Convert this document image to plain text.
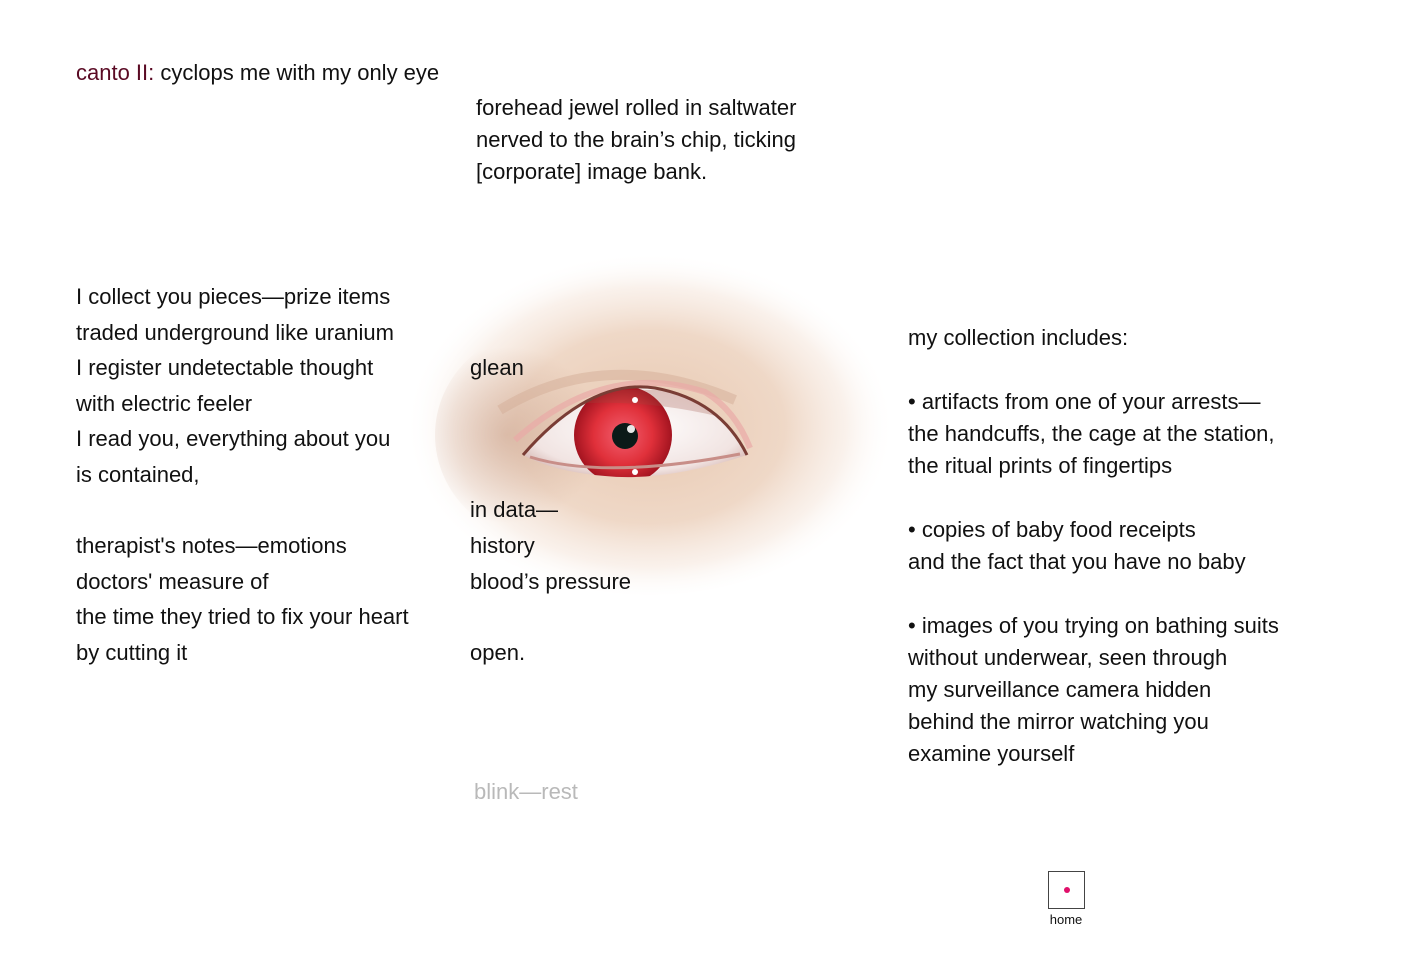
canto II: cyclops me with my only eye
forehead jewel rolled in saltwater
nerved to the brain’s chip, ticking
[corporate] image bank.
I collect you pieces—prize items
traded underground like uranium
I register undetectable thought
with electric feeler
I read you, everything about you
is contained,
therapist's notes—emotions
doctors' measure of
the time they tried to fix your heart
by cutting it
glean
in data—
history
blood’s pressure
open.
blink—rest
my collection includes:
• artifacts from one of your arrests—
the handcuffs, the cage at the station,
the ritual prints of fingertips
• copies of baby food receipts
and the fact that you have no baby
• images of you trying on bathing suits
without underwear, seen through
my surveillance camera hidden
behind the mirror watching you
examine yourself
home
